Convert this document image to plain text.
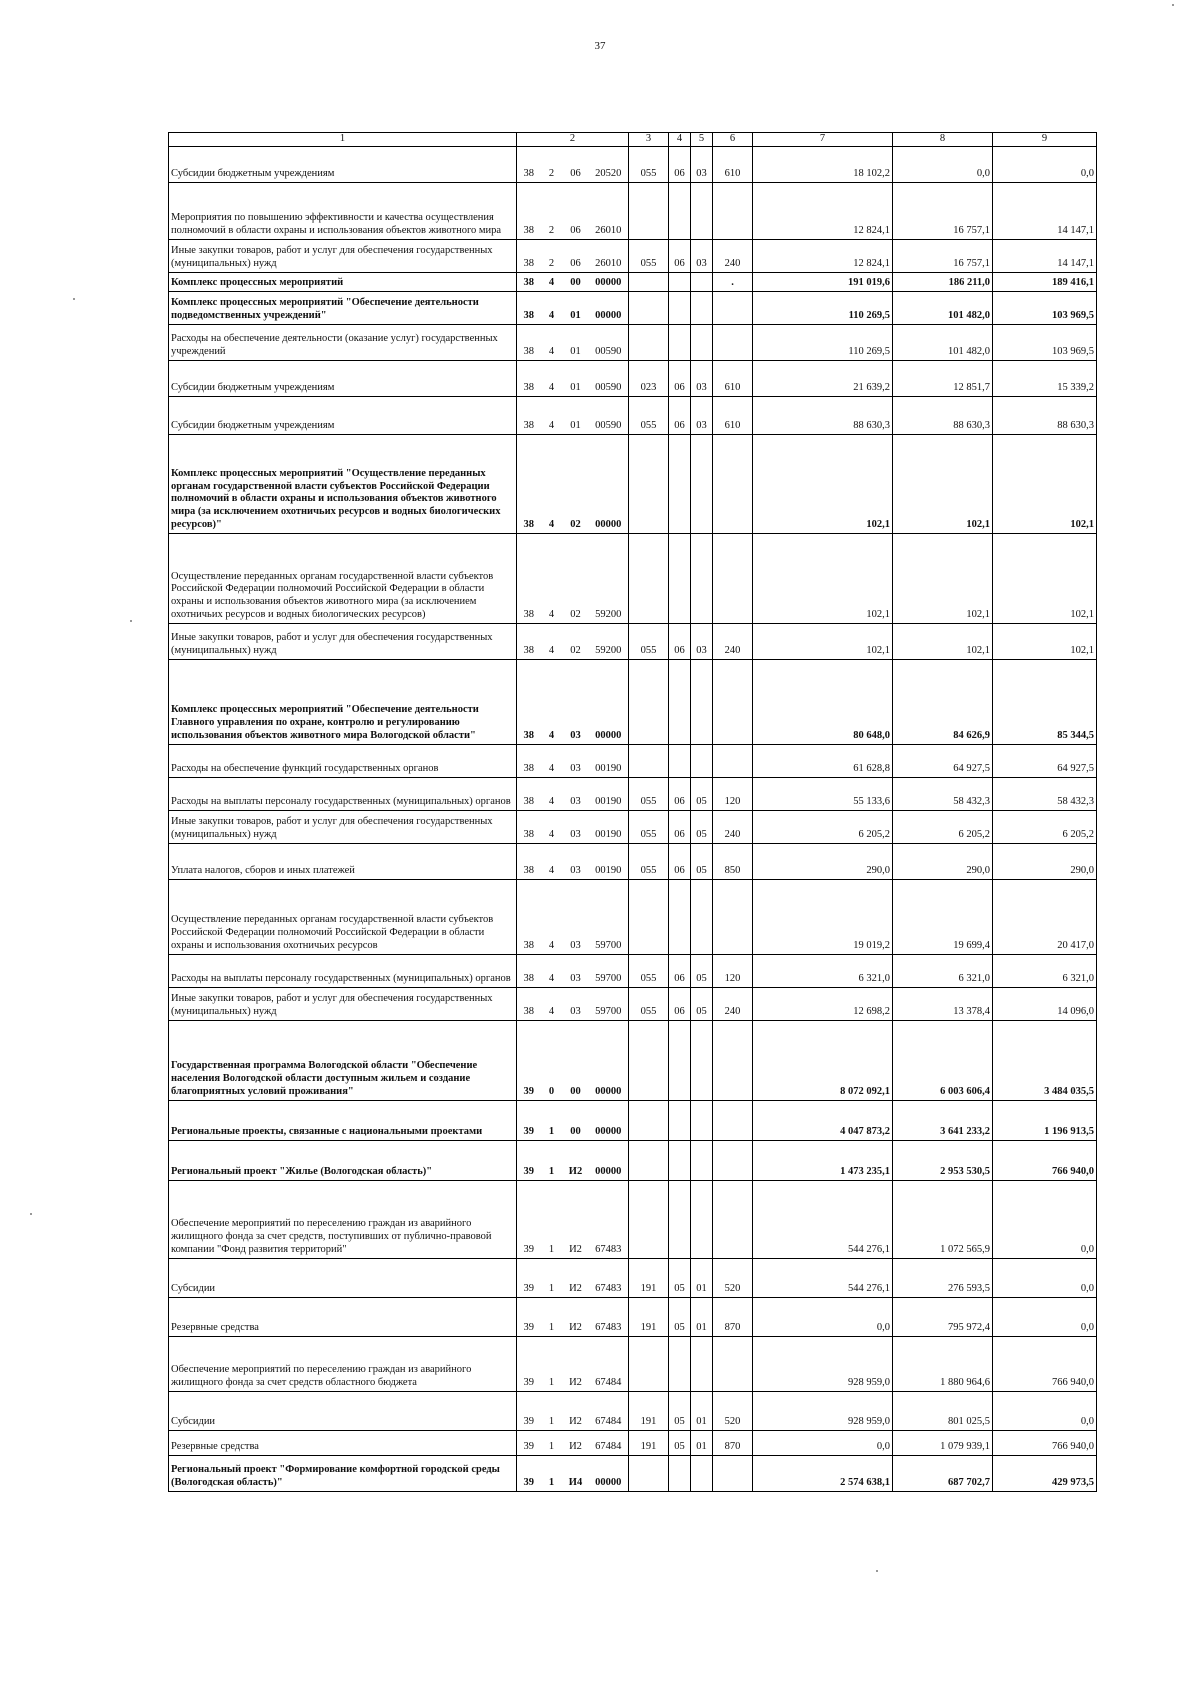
37
1	2				3	4	5	6	7	8	9
Субсидии бюджетным учреждениям	38	2	06	20520	055	06	03	610	18 102,2	0,0	0,0
Мероприятия по повышению эффективности и качества осуществления полномочий в области охраны и использования объектов животного мира	38	2	06	26010					12 824,1	16 757,1	14 147,1
Иные закупки товаров, работ и услуг для обеспечения государственных (муниципальных) нужд	38	2	06	26010	055	06	03	240	12 824,1	16 757,1	14 147,1
Комплекс процессных мероприятий	38	4	00	00000				.	191 019,6	186 211,0	189 416,1
Комплекс процессных мероприятий "Обеспечение деятельности подведомственных учреждений"	38	4	01	00000					110 269,5	101 482,0	103 969,5
Расходы на обеспечение деятельности (оказание услуг) государственных учреждений	38	4	01	00590					110 269,5	101 482,0	103 969,5
Субсидии бюджетным учреждениям	38	4	01	00590	023	06	03	610	21 639,2	12 851,7	15 339,2
Субсидии бюджетным учреждениям	38	4	01	00590	055	06	03	610	88 630,3	88 630,3	88 630,3
Комплекс процессных мероприятий "Осуществление переданных органам государственной власти субъектов Российской Федерации полномочий в области охраны и использования объектов животного мира (за исключением охотничьих ресурсов и водных биологических ресурсов)"	38	4	02	00000					102,1	102,1	102,1
Осуществление переданных органам государственной власти субъектов Российской Федерации полномочий Российской Федерации в области охраны и использования объектов животного мира (за исключением охотничьих ресурсов и водных биологических ресурсов)	38	4	02	59200					102,1	102,1	102,1
Иные закупки товаров, работ и услуг для обеспечения государственных (муниципальных) нужд	38	4	02	59200	055	06	03	240	102,1	102,1	102,1
Комплекс процессных мероприятий "Обеспечение деятельности Главного управления по охране, контролю и регулированию использования объектов животного мира Вологодской области"	38	4	03	00000					80 648,0	84 626,9	85 344,5
Расходы на обеспечение функций государственных органов	38	4	03	00190					61 628,8	64 927,5	64 927,5
Расходы на выплаты персоналу государственных (муниципальных) органов	38	4	03	00190	055	06	05	120	55 133,6	58 432,3	58 432,3
Иные закупки товаров, работ и услуг для обеспечения государственных (муниципальных) нужд	38	4	03	00190	055	06	05	240	6 205,2	6 205,2	6 205,2
Уплата налогов, сборов и иных платежей	38	4	03	00190	055	06	05	850	290,0	290,0	290,0
Осуществление переданных органам государственной власти субъектов Российской Федерации полномочий Российской Федерации в области охраны и использования охотничьих ресурсов	38	4	03	59700					19 019,2	19 699,4	20 417,0
Расходы на выплаты персоналу государственных (муниципальных) органов	38	4	03	59700	055	06	05	120	6 321,0	6 321,0	6 321,0
Иные закупки товаров, работ и услуг для обеспечения государственных (муниципальных) нужд	38	4	03	59700	055	06	05	240	12 698,2	13 378,4	14 096,0
Государственная программа Вологодской области "Обеспечение населения Вологодской области доступным жильем и создание благоприятных условий проживания"	39	0	00	00000					8 072 092,1	6 003 606,4	3 484 035,5
Региональные проекты, связанные с национальными проектами	39	1	00	00000					4 047 873,2	3 641 233,2	1 196 913,5
Региональный проект "Жилье (Вологодская область)"	39	1	И2	00000					1 473 235,1	2 953 530,5	766 940,0
Обеспечение мероприятий по переселению граждан из аварийного жилищного фонда за счет средств, поступивших от публично-правовой компании "Фонд развития территорий"	39	1	И2	67483					544 276,1	1 072 565,9	0,0
Субсидии	39	1	И2	67483	191	05	01	520	544 276,1	276 593,5	0,0
Резервные средства	39	1	И2	67483	191	05	01	870	0,0	795 972,4	0,0
Обеспечение мероприятий по переселению граждан из аварийного жилищного фонда за счет средств областного бюджета	39	1	И2	67484					928 959,0	1 880 964,6	766 940,0
Субсидии	39	1	И2	67484	191	05	01	520	928 959,0	801 025,5	0,0
Резервные средства	39	1	И2	67484	191	05	01	870	0,0	1 079 939,1	766 940,0
Региональный проект "Формирование комфортной городской среды (Вологодская область)"	39	1	И4	00000					2 574 638,1	687 702,7	429 973,5
